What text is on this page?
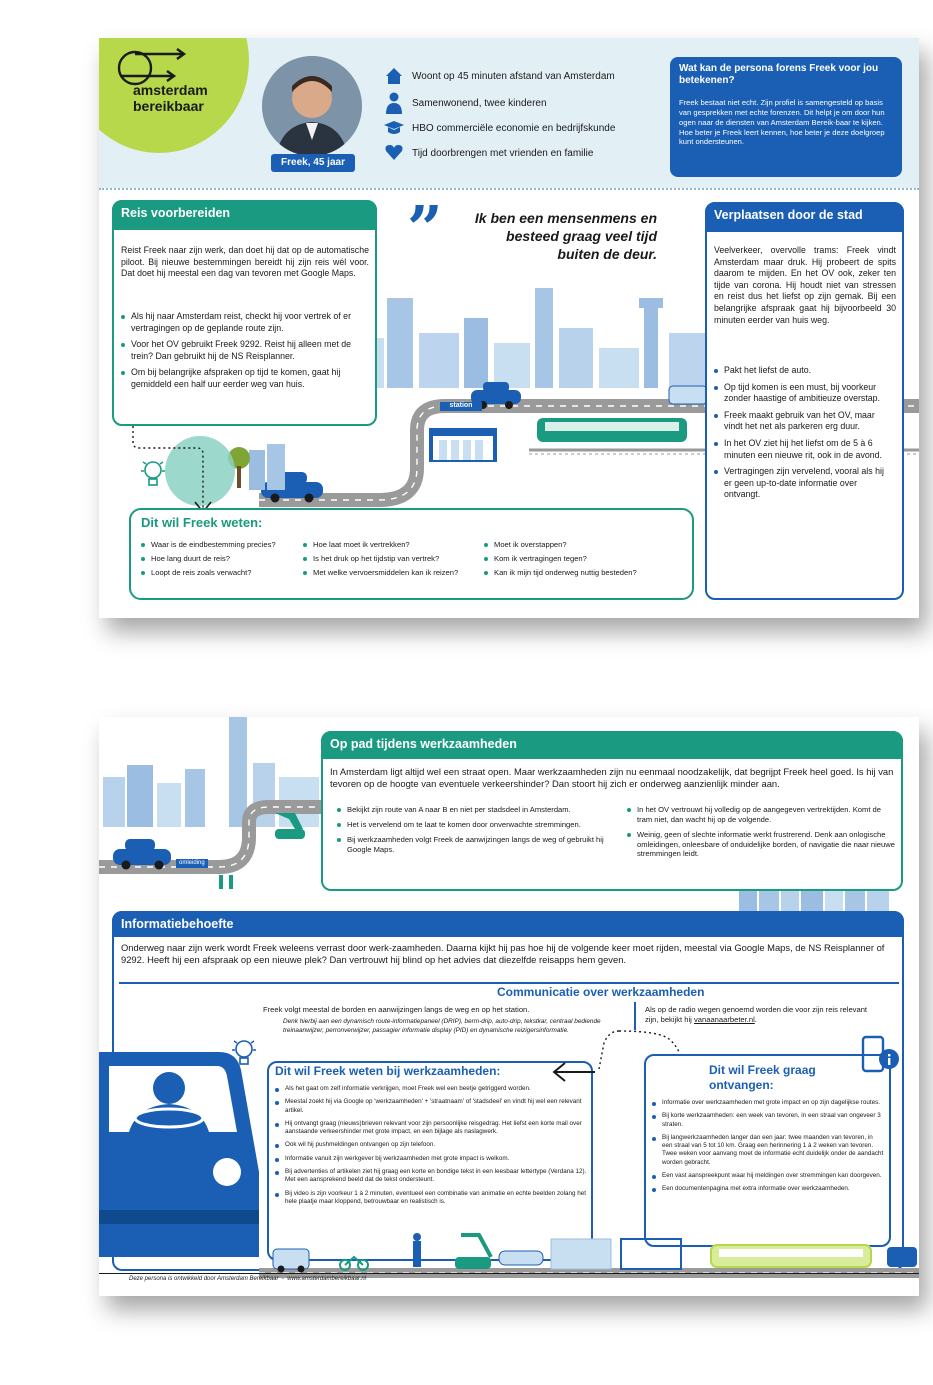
amsterdam
bereikbaar
Freek, 45 jaar
Woont op 45 minuten afstand van Amsterdam
Samenwonend, twee kinderen
HBO commerciële economie en bedrijfskunde
Tijd doorbrengen met vrienden en familie
Wat kan de persona forens Freek voor jou betekenen?
Freek bestaat niet echt. Zijn profiel is samengesteld op basis van gesprekken met echte forenzen. Dit helpt je om door hun ogen naar de diensten van Amsterdam Bereik-baar te kijken. Hoe beter je Freek leert kennen, hoe beter je deze doelgroep kunt ondersteunen.
station
”	Ik ben een mensenmens en besteed graag veel tijd buiten de deur.
Reis voorbereiden
Reist Freek naar zijn werk, dan doet hij dat op de automatische piloot. Bij nieuwe bestemmingen bereidt hij zijn reis wél voor. Dat doet hij meestal een dag van tevoren met Google Maps.
Als hij naar Amsterdam reist, checkt hij voor vertrek of er vertragingen op de geplande route zijn.
Voor het OV gebruikt Freek 9292. Reist hij alleen met de trein? Dan gebruikt hij de NS Reisplanner.
Om bij belangrijke afspraken op tijd te komen, gaat hij gemiddeld een half uur eerder weg van huis.
Verplaatsen door de stad
Veelverkeer, overvolle trams: Freek vindt Amsterdam maar druk. Hij probeert de spits daarom te mijden. En het OV ook, zeker ten tijde van corona. Hij houdt niet van stressen en reist dus het liefst op zijn gemak. Bij een belangrijke afspraak gaat hij bijvoorbeeld 30 minuten eerder van huis weg.
Pakt het liefst de auto.
Op tijd komen is een must, bij voorkeur zonder haastige of ambitieuze overstap.
Freek maakt gebruik van het OV, maar vindt het net als parkeren erg duur.
In het OV ziet hij het liefst om de 5 à 6 minuten een nieuwe rit, ook in de avond.
Vertragingen zijn vervelend, vooral als hij er geen up-to-date informatie over ontvangt.
Dit wil Freek weten:
Waar is de eindbestemming precies?
Hoe lang duurt de reis?
Loopt de reis zoals verwacht?
Hoe laat moet ik vertrekken?
Is het druk op het tijdstip van vertrek?
Met welke vervoersmiddelen kan ik reizen?
Moet ik overstappen?
Kom ik vertragingen tegen?
Kan ik mijn tijd onderweg nuttig besteden?
omleiding
Op pad tijdens werkzaamheden
In Amsterdam ligt altijd wel een straat open. Maar werkzaamheden zijn nu eenmaal noodzakelijk, dat begrijpt Freek heel goed. Is hij van tevoren op de hoogte van eventuele verkeershinder? Dan stoort hij zich er onderweg aanzienlijk minder aan.
Bekijkt zijn route van A naar B en niet per stadsdeel in Amsterdam.
Het is vervelend om te laat te komen door onverwachte stremmingen.
Bij werkzaamheden volgt Freek de aanwijzingen langs de weg of gebruikt hij Google Maps.
In het OV vertrouwt hij volledig op de aangegeven vertrektijden. Komt de tram niet, dan wacht hij op de volgende.
Weinig, geen of slechte informatie werkt frustrerend. Denk aan onlogische omleidingen, onleesbare of onduidelijke borden, of navigatie die naar nieuwe stremmingen leidt.
Informatiebehoefte
Onderweg naar zijn werk wordt Freek weleens verrast door werk-zaamheden. Daarna kijkt hij pas hoe hij de volgende keer moet rijden, meestal via Google Maps, de NS Reisplanner of 9292. Heeft hij een afspraak op een nieuwe plek? Dan vertrouwt hij blind op het advies dat diezelfde reisapps hem geven.
Communicatie over werkzaamheden
Freek volgt meestal de borden en aanwijzingen langs de weg en op het station.
Denk hierbij aan een dynamisch route-informatiepaneel (DRIP), berm-drip, auto-drip, tekstkar, centraal bediende treinaanwijzer, perronverwijzer, passagier informatie display (PID) en dynamische reizigersinformatie.
Als op de radio wegen genoemd worden die voor zijn reis relevant zijn, bekijkt hij vanaanaarbeter.nl.
Dit wil Freek weten bij werkzaamheden:
Als het gaat om zelf informatie verkrijgen, moet Freek wel een beetje getriggerd worden.
Meestal zoekt hij via Google op 'werkzaamheden' + 'straatnaam' of 'stadsdeel' en vindt hij wel een relevant artikel.
Hij ontvangt graag (nieuws)brieven relevant voor zijn persoonlijke reisgedrag. Het liefst een korte mail over aanstaande verkeershinder met grote impact, en een bijlage als naslagwerk.
Ook wil hij pushmeldingen ontvangen op zijn telefoon.
Informatie vanuit zijn werkgever bij werkzaamheden met grote impact is welkom.
Bij advertenties of artikelen ziet hij graag een korte en bondige tekst in een leesbaar lettertype (Verdana 12). Met een aansprekend beeld dat de tekst ondersteunt.
Bij video is zijn voorkeur 1 à 2 minuten, eventueel een combinatie van animatie en echte beelden zolang het hele plaatje maar kloppend, betrouwbaar en realistisch is.
Dit wil Freek graag ontvangen:
Informatie over werkzaamheden met grote impact en op zijn dagelijkse routes.
Bij korte werkzaamheden: een week van tevoren, in een straal van ongeveer 3 straten.
Bij langwerkzaamheden langer dan een jaar: twee maanden van tevoren, in een straal van 5 tot 10 km. Graag een herinnering 1 à 2 weken van tevoren. Twee weken voor aanvang moet de informatie echt duidelijk onder de aandacht worden gebracht.
Een vast aanspreekpunt waar hij meldingen over stremmingen kan doorgeven.
Een documentenpagina met extra informatie over werkzaamheden.
Deze persona is ontwikkeld door Amsterdam Bereikbaar - www.amsterdambereikbaar.nl
